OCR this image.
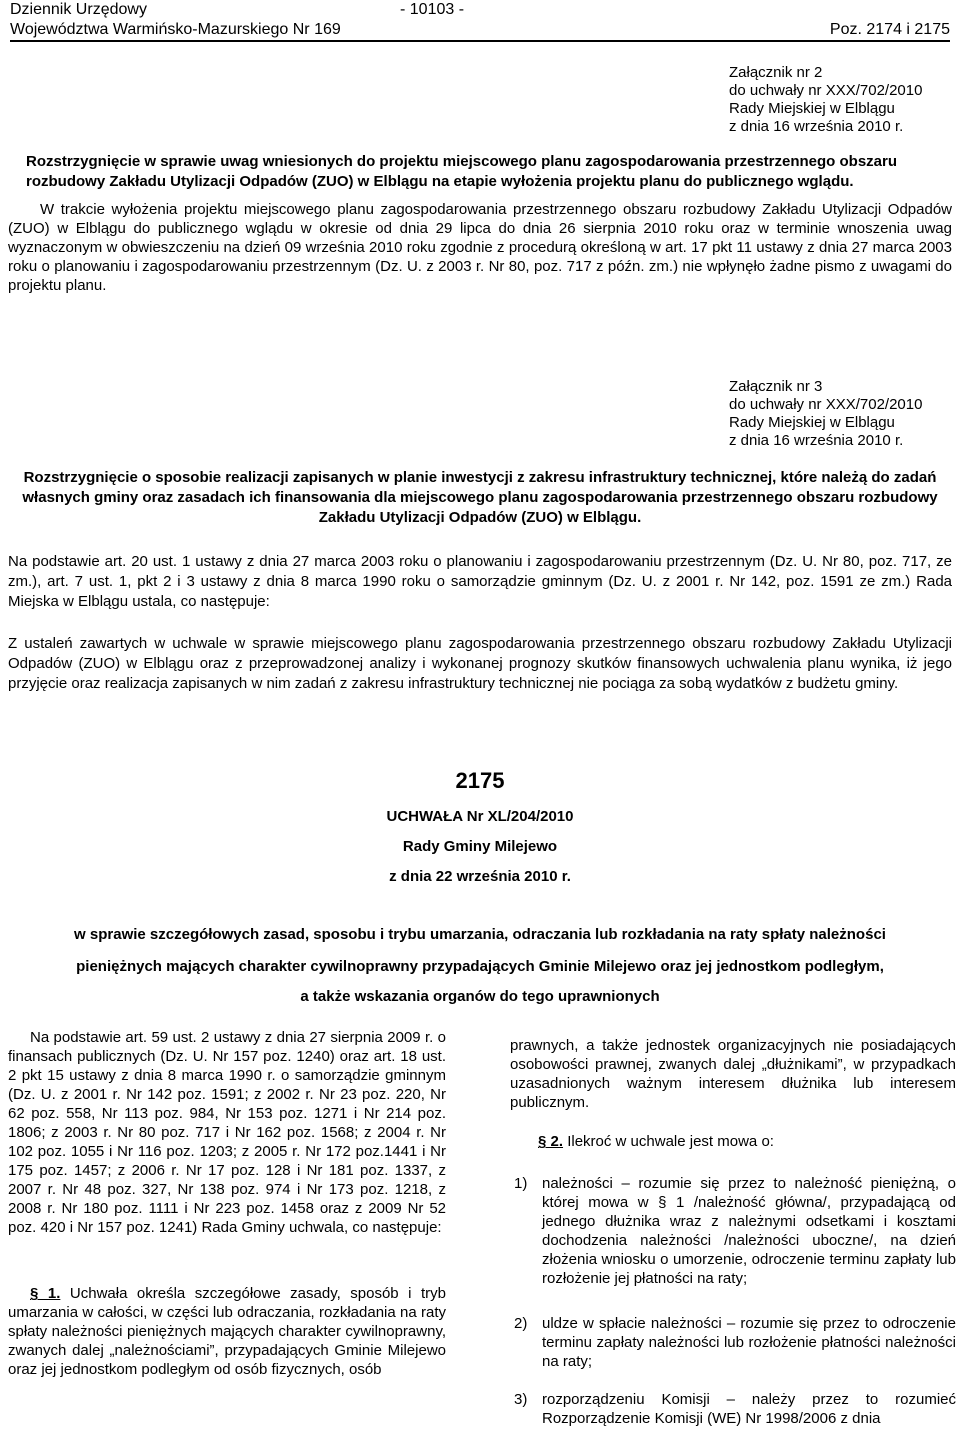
Dziennik Urzędowy	- 10103 -
Województwa Warmińsko-Mazurskiego Nr 169	Poz. 2174 i 2175
Załącznik nr 2
do uchwały nr XXX/702/2010
Rady Miejskiej w Elblągu
z dnia 16 września 2010 r.
Rozstrzygnięcie w sprawie uwag wniesionych do projektu miejscowego planu zagospodarowania przestrzennego obszaru rozbudowy Zakładu Utylizacji Odpadów (ZUO) w Elblągu na etapie wyłożenia projektu planu do publicznego wglądu.
W trakcie wyłożenia projektu miejscowego planu zagospodarowania przestrzennego obszaru rozbudowy Zakładu Utylizacji Odpadów (ZUO) w Elblągu do publicznego wglądu w okresie od dnia 29 lipca do dnia 26 sierpnia 2010 roku oraz w terminie wnoszenia uwag wyznaczonym w obwieszczeniu na dzień 09 września 2010 roku zgodnie z procedurą określoną w art. 17 pkt 11 ustawy z dnia 27 marca 2003 roku o planowaniu i zagospodarowaniu przestrzennym (Dz. U. z 2003 r. Nr 80, poz. 717 z późn. zm.) nie wpłynęło żadne pismo z uwagami do projektu planu.
Załącznik nr 3
do uchwały nr XXX/702/2010
Rady Miejskiej w Elblągu
z dnia 16 września 2010 r.
Rozstrzygnięcie o sposobie realizacji zapisanych w planie inwestycji z zakresu infrastruktury technicznej, które należą do zadań własnych gminy oraz zasadach ich finansowania dla miejscowego planu zagospodarowania przestrzennego obszaru rozbudowy Zakładu Utylizacji Odpadów (ZUO) w Elblągu.
Na podstawie art. 20 ust. 1 ustawy z dnia 27 marca 2003 roku o planowaniu i zagospodarowaniu przestrzennym (Dz. U. Nr 80, poz. 717, ze zm.), art. 7 ust. 1, pkt 2 i 3 ustawy z dnia 8 marca 1990 roku o samorządzie gminnym (Dz. U. z 2001 r. Nr 142, poz. 1591 ze zm.) Rada Miejska w Elblągu ustala, co następuje:
Z ustaleń zawartych w uchwale w sprawie miejscowego planu zagospodarowania przestrzennego obszaru rozbudowy Zakładu Utylizacji Odpadów (ZUO) w Elblągu oraz z przeprowadzonej analizy i wykonanej prognozy skutków finansowych uchwalenia planu wynika, iż jego przyjęcie oraz realizacja zapisanych w nim zadań z zakresu infrastruktury technicznej nie pociąga za sobą wydatków z budżetu gminy.
2175
UCHWAŁA Nr XL/204/2010
Rady Gminy Milejewo
z dnia 22 września 2010 r.
w sprawie szczegółowych zasad, sposobu i trybu umarzania, odraczania lub rozkładania na raty spłaty należności
pieniężnych mających charakter cywilnoprawny przypadających Gminie Milejewo oraz jej jednostkom podległym,
a także wskazania organów do tego uprawnionych
Na podstawie art. 59 ust. 2 ustawy z dnia 27 sierpnia 2009 r. o finansach publicznych (Dz. U. Nr 157 poz. 1240) oraz art. 18 ust. 2 pkt 15 ustawy z dnia 8 marca 1990 r. o samorządzie gminnym (Dz. U. z 2001 r. Nr 142 poz. 1591; z 2002 r. Nr 23 poz. 220, Nr 62 poz. 558, Nr 113 poz. 984, Nr 153 poz. 1271 i Nr 214 poz. 1806; z 2003 r. Nr 80 poz. 717 i Nr 162 poz. 1568; z 2004 r. Nr 102 poz. 1055 i Nr 116 poz. 1203; z 2005 r. Nr 172 poz.1441 i Nr 175 poz. 1457; z 2006 r. Nr 17 poz. 128 i Nr 181 poz. 1337, z 2007 r. Nr 48 poz. 327, Nr 138 poz. 974 i Nr 173 poz. 1218, z 2008 r. Nr 180 poz. 1111 i Nr 223 poz. 1458 oraz z 2009 Nr 52 poz. 420 i Nr 157 poz. 1241) Rada Gminy uchwala, co następuje:
§ 1. Uchwała określa szczegółowe zasady, sposób i tryb umarzania w całości, w części lub odraczania, rozkładania na raty spłaty należności pieniężnych mających charakter cywilnoprawny, zwanych dalej „należnościami”, przypadających Gminie Milejewo oraz jej jednostkom podległym od osób fizycznych, osób
prawnych, a także jednostek organizacyjnych nie posiadających osobowości prawnej, zwanych dalej „dłużnikami”, w przypadkach uzasadnionych ważnym interesem dłużnika lub interesem publicznym.
§ 2. Ilekroć w uchwale jest mowa o:
1) należności – rozumie się przez to należność pieniężną, o której mowa w § 1 /należność główna/, przypadającą od jednego dłużnika wraz z należnymi odsetkami i kosztami dochodzenia należności /należności uboczne/, na dzień złożenia wniosku o umorzenie, odroczenie terminu zapłaty lub rozłożenie jej płatności na raty;
2) uldze w spłacie należności – rozumie się przez to odroczenie terminu zapłaty należności lub rozłożenie płatności należności na raty;
3) rozporządzeniu Komisji – należy przez to rozumieć Rozporządzenie Komisji (WE) Nr 1998/2006 z dnia
